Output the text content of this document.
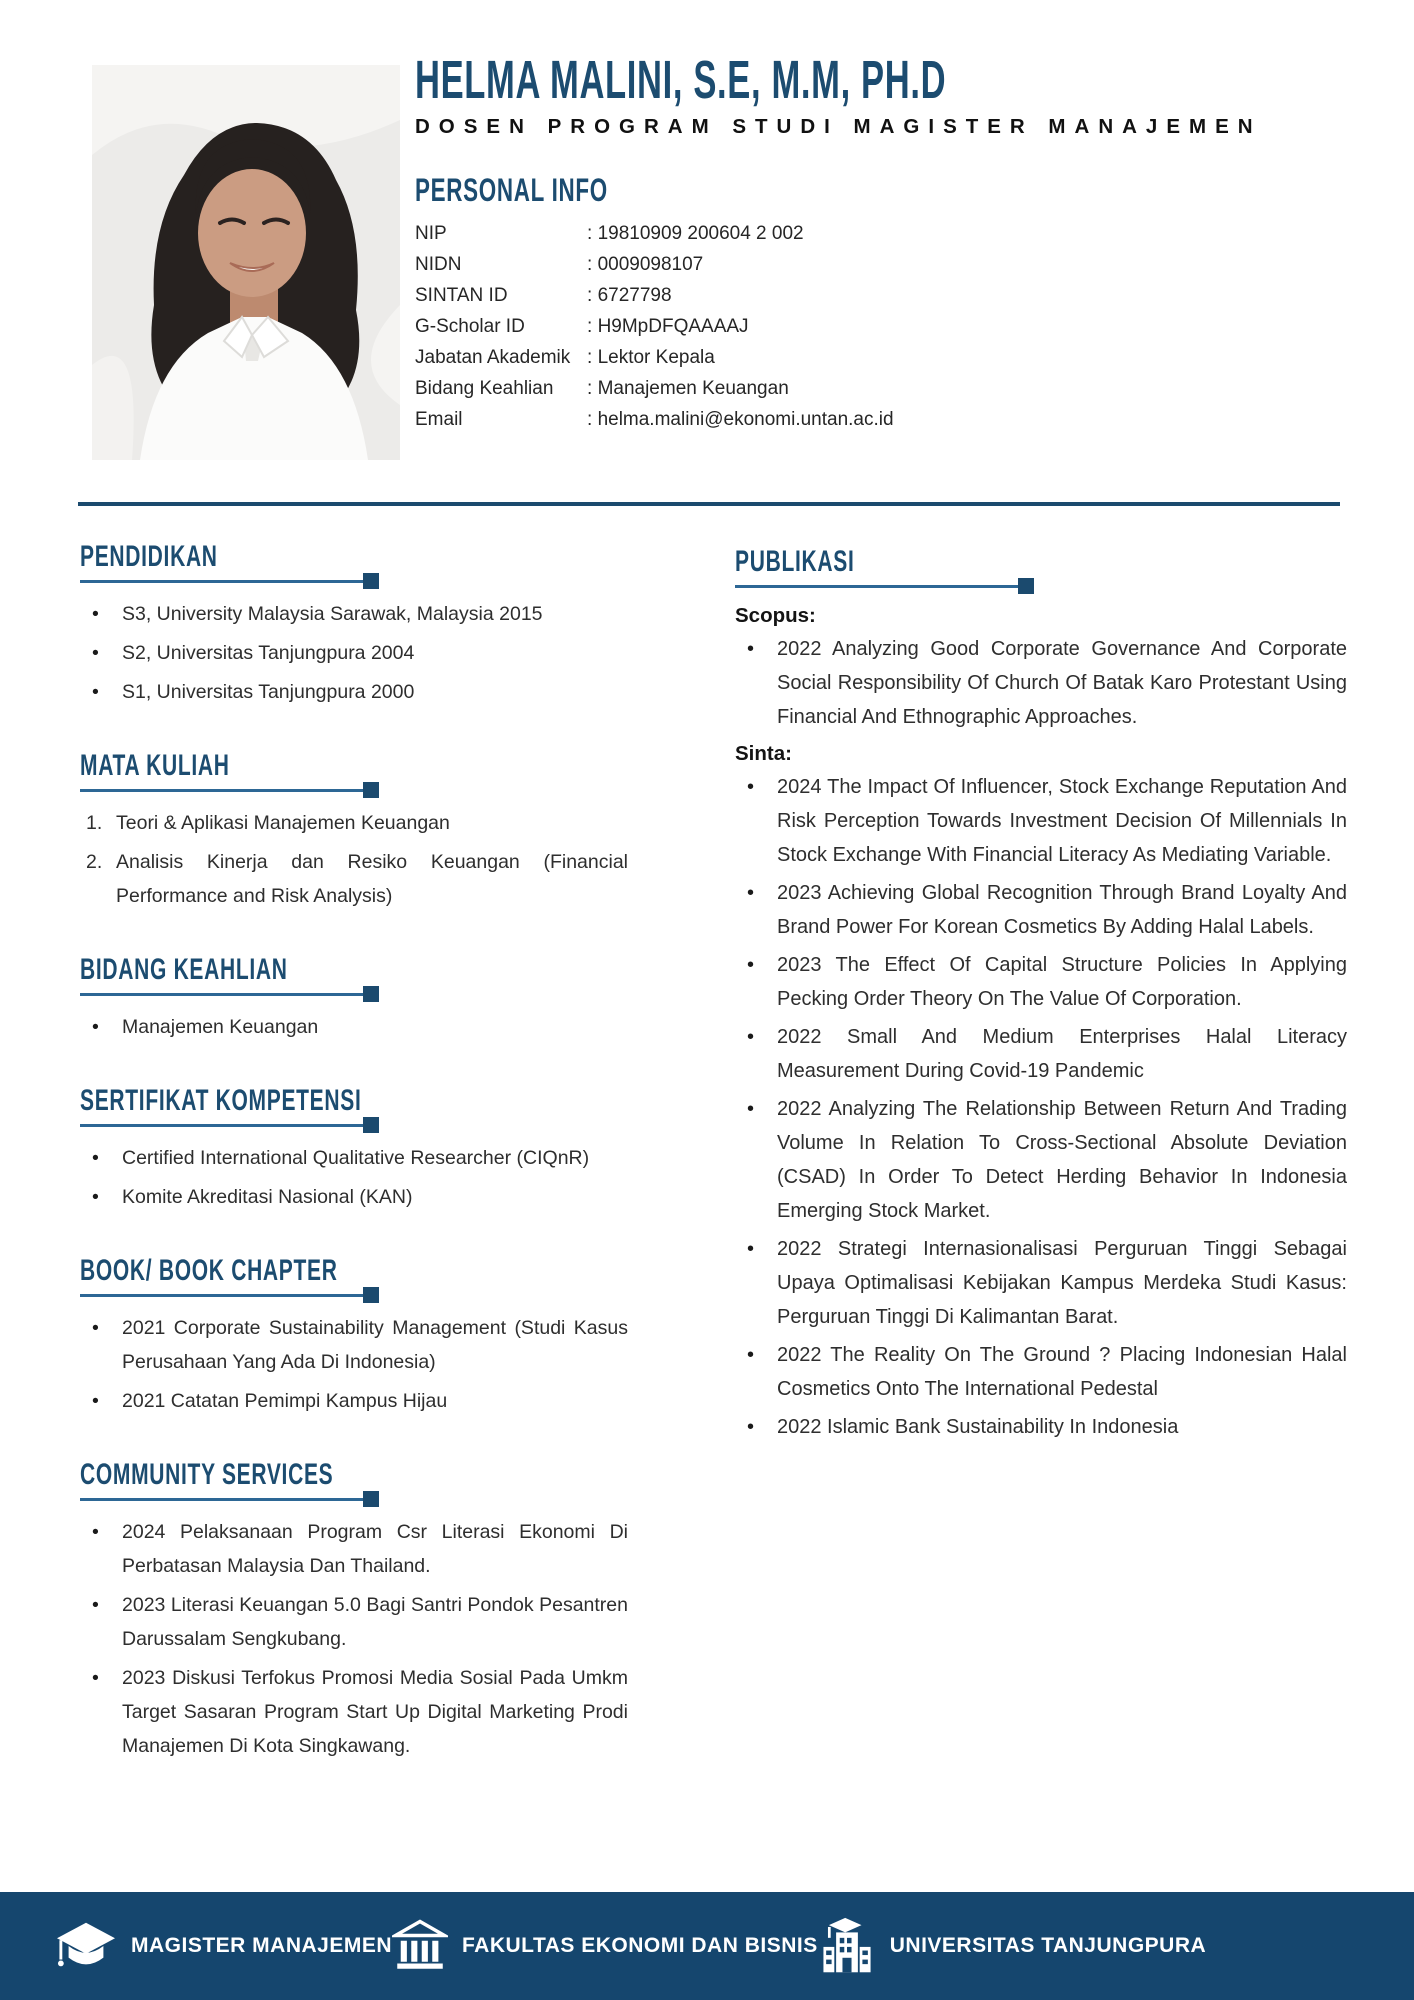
HELMA MALINI, S.E, M.M, PH.D
DOSEN PROGRAM STUDI MAGISTER MANAJEMEN
PERSONAL INFO
NIP	: 19810909 200604 2 002
NIDN	: 0009098107
SINTAN ID	: 6727798
G-Scholar ID	: H9MpDFQAAAAJ
Jabatan Akademik	: Lektor Kepala
Bidang Keahlian	: Manajemen Keuangan
Email	: helma.malini@ekonomi.untan.ac.id
PENDIDIKAN
• S3, University Malaysia Sarawak, Malaysia 2015
• S2, Universitas Tanjungpura 2004
• S1, Universitas Tanjungpura 2000
MATA KULIAH
Teori & Aplikasi Manajemen Keuangan
Analisis Kinerja dan Resiko Keuangan (Financial Performance and Risk Analysis)
BIDANG KEAHLIAN
• Manajemen Keuangan
SERTIFIKAT KOMPETENSI
• Certified International Qualitative Researcher (CIQnR)
• Komite Akreditasi Nasional (KAN)
BOOK/ BOOK CHAPTER
• 2021 Corporate Sustainability Management (Studi Kasus Perusahaan Yang Ada Di Indonesia)
• 2021 Catatan Pemimpi Kampus Hijau
COMMUNITY SERVICES
• 2024 Pelaksanaan Program Csr Literasi Ekonomi Di Perbatasan Malaysia Dan Thailand.
• 2023 Literasi Keuangan 5.0 Bagi Santri Pondok Pesantren Darussalam Sengkubang.
• 2023 Diskusi Terfokus Promosi Media Sosial Pada Umkm Target Sasaran Program Start Up Digital Marketing Prodi Manajemen Di Kota Singkawang.
PUBLIKASI
Scopus:
• 2022 Analyzing Good Corporate Governance And Corporate Social Responsibility Of Church Of Batak Karo Protestant Using Financial And Ethnographic Approaches.
Sinta:
• 2024 The Impact Of Influencer, Stock Exchange Reputation And Risk Perception Towards Investment Decision Of Millennials In Stock Exchange With Financial Literacy As Mediating Variable.
• 2023 Achieving Global Recognition Through Brand Loyalty And Brand Power For Korean Cosmetics By Adding Halal Labels.
• 2023 The Effect Of Capital Structure Policies In Applying Pecking Order Theory On The Value Of Corporation.
• 2022 Small And Medium Enterprises Halal Literacy Measurement During Covid-19 Pandemic
• 2022 Analyzing The Relationship Between Return And Trading Volume In Relation To Cross-Sectional Absolute Deviation (CSAD) In Order To Detect Herding Behavior In Indonesia Emerging Stock Market.
• 2022 Strategi Internasionalisasi Perguruan Tinggi Sebagai Upaya Optimalisasi Kebijakan Kampus Merdeka Studi Kasus: Perguruan Tinggi Di Kalimantan Barat.
• 2022 The Reality On The Ground ? Placing Indonesian Halal Cosmetics Onto The International Pedestal
• 2022 Islamic Bank Sustainability In Indonesia
MAGISTER MANAJEMEN	FAKULTAS EKONOMI DAN BISNIS	UNIVERSITAS TANJUNGPURA
